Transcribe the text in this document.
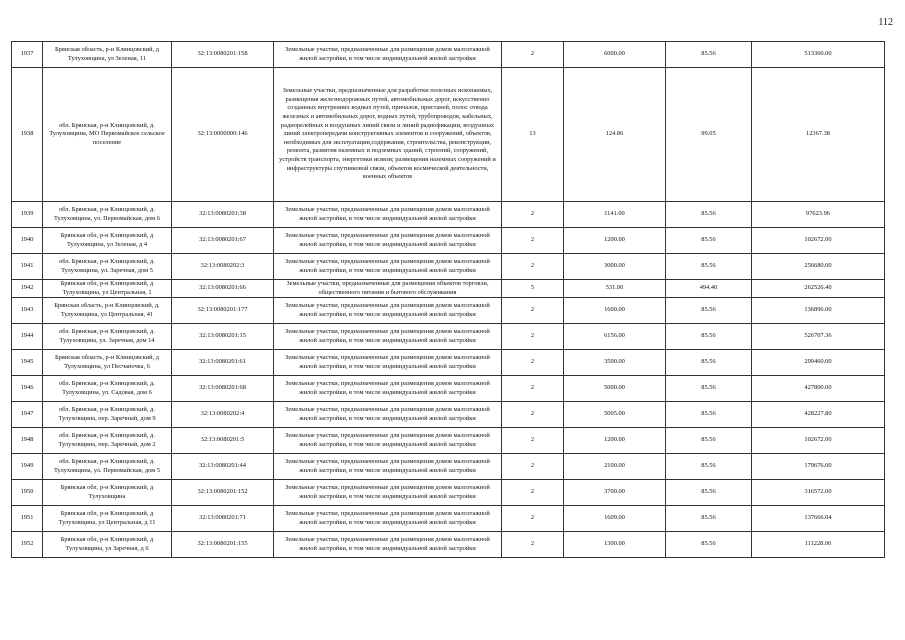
112
1937	Брянская область, р-н Клинцовский, д Тулуховщина, ул Зеленая, 11	32:13:0080201:158	Земельные участки, предназначенные для размещения домов малоэтажной жилой застройки, в том числе индивидуальной жилой застройки	2	6000.00	85.56	513360.00
1938	обл. Брянская, р-н Клинцовский, д. Тулуховщина, МО Первомайское сельское поселение	32:13:0000000:146	Земельные участки, предназначенные для разработки полезных ископаемых, размещения железнодорожных путей, автомобильных дорог, искусственно созданных внутренних водных путей, причалов, пристаней, полос отвода железных и автомобильных дорог, водных путей, трубопроводов, кабельных, радиорелейных и воздушных линий связи и линий радиофикации, воздушных линий электропередачи конструктивных элементов и сооружений, объектов, необходимых для эксплуатации,содержания, строительства, реконструкции, ремонта, развития наземных и подземных зданий, строений, сооружений, устройств транспорта, энергетики исвязи; размещения наземных сооружений и инфраструктуры спутниковой связи, объектов космической деятельности, военных объектов	13	124.86	99.05	12367.38
1939	обл. Брянская, р-н Клинцовский, д. Тулуховщина, ул. Первомайская, дом 6	32:13:0080201:38	Земельные участки, предназначенные для размещения домов малоэтажной жилой застройки, в том числе индивидуальной жилой застройки	2	1141.00	85.56	97623.96
1940	Брянская обл, р-н Клинцовский, д Тулуховщина, ул Зеленая, д 4	32:13:0080201:67	Земельные участки, предназначенные для размещения домов малоэтажной жилой застройки, в том числе индивидуальной жилой застройки	2	1200.00	85.56	102672.00
1941	обл. Брянская, р-н Клинцовский, д. Тулуховщина, ул. Заречная, дом 5	32:13:0080202:3	Земельные участки, предназначенные для размещения домов малоэтажной жилой застройки, в том числе индивидуальной жилой застройки	2	3000.00	85.56	256680.00
1942	Брянская обл, р-н Клинцовский, д Тулуховщина, ул Центральная, 1	32:13:0080201:66	Земельные участки, предназначенные для размещения объектов торговли, общественного питания и бытового обслуживания	5	531.00	494.40	262526.40
1943	Брянская область, р-н Клинцовский, д. Тулуховщина, ул Центральная, 41	32:13:0080201:177	Земельные участки, предназначенные для размещения домов малоэтажной жилой застройки, в том числе индивидуальной жилой застройки	2	1600.00	85.56	136896.00
1944	обл. Брянская, р-н Клинцовский, д. Тулуховщина, ул. Заречная, дом 14	32:13:0080201:15	Земельные участки, предназначенные для размещения домов малоэтажной жилой застройки, в том числе индивидуальной жилой застройки	2	6156.00	85.56	526707.36
1945	Брянская область, р-н Клинцовский, д Тулуховщина, ул Песчаночка, 6	32:13:0080201:61	Земельные участки, предназначенные для размещения домов малоэтажной жилой застройки, в том числе индивидуальной жилой застройки	2	3500.00	85.56	299460.00
1946	обл. Брянская, р-н Клинцовский, д. Тулуховщина, ул. Садовая, дом 6	32:13:0080201:68	Земельные участки, предназначенные для размещения домов малоэтажной жилой застройки, в том числе индивидуальной жилой застройки	2	5000.00	85.56	427800.00
1947	обл. Брянская, р-н Клинцовский, д. Тулуховщина, пер. Заречный, дом 9	32:13:0080202:4	Земельные участки, предназначенные для размещения домов малоэтажной жилой застройки, в том числе индивидуальной жилой застройки	2	5005.00	85.56	428227.80
1948	обл. Брянская, р-н Клинцовский, д. Тулуховщина, пер. Заречный, дом 2	32:13:0080201:5	Земельные участки, предназначенные для размещения домов малоэтажной жилой застройки, в том числе индивидуальной жилой застройки	2	1200.00	85.56	102672.00
1949	обл. Брянская, р-н Клинцовский, д. Тулуховщина, ул. Первомайская, дом 5	32:13:0080201:44	Земельные участки, предназначенные для размещения домов малоэтажной жилой застройки, в том числе индивидуальной жилой застройки	2	2100.00	85.56	179676.00
1950	Брянская обл, р-н Клинцовский, д Тулуховщина	32:13:0080201:152	Земельные участки, предназначенные для размещения домов малоэтажной жилой застройки, в том числе индивидуальной жилой застройки	2	3700.00	85.56	316572.00
1951	Брянская обл, р-н Клинцовский, д Тулуховщина, ул Центральная, д 11	32:13:0080201:71	Земельные участки, предназначенные для размещения домов малоэтажной жилой застройки, в том числе индивидуальной жилой застройки	2	1609.00	85.56	137666.04
1952	Брянская обл, р-н Клинцовский, д Тулуховщина, ул Заречная, д 6	32:13:0080201:155	Земельные участки, предназначенные для размещения домов малоэтажной жилой застройки, в том числе индивидуальной жилой застройки	2	1300.00	85.56	111228.00
